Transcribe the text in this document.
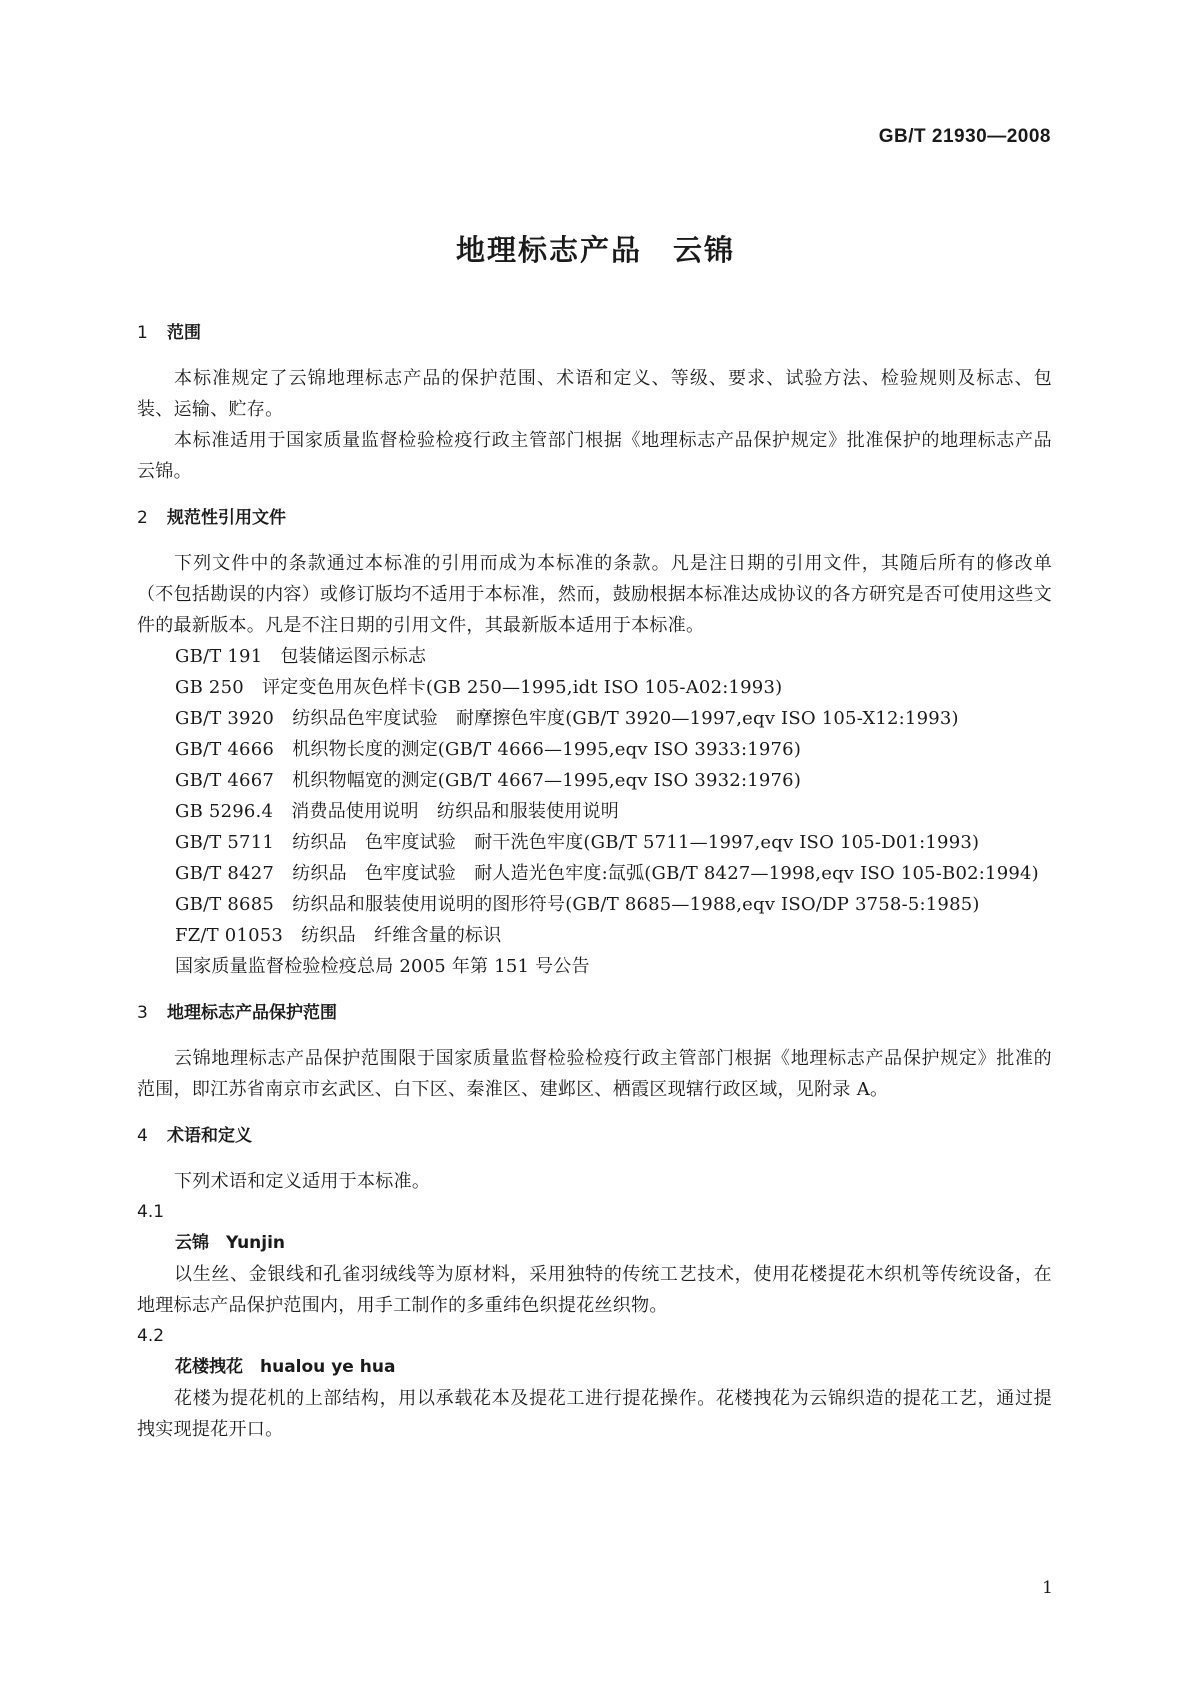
GB/T 21930—2008
地理标志产品　云锦
1 范围

本标准规定了云锦地理标志产品的保护范围、术语和定义、等级、要求、试验方法、检验规则及标志、包装、运输、贮存。

本标准适用于国家质量监督检验检疫行政主管部门根据《地理标志产品保护规定》批准保护的地理标志产品云锦。

2 规范性引用文件

下列文件中的条款通过本标准的引用而成为本标准的条款。凡是注日期的引用文件，其随后所有的修改单（不包括勘误的内容）或修订版均不适用于本标准，然而，鼓励根据本标准达成协议的各方研究是否可使用这些文件的最新版本。凡是不注日期的引用文件，其最新版本适用于本标准。

GB/T 191　包装储运图示标志

GB 250　评定变色用灰色样卡(GB 250—1995,idt ISO 105-A02:1993)

GB/T 3920　纺织品色牢度试验　耐摩擦色牢度(GB/T 3920—1997,eqv ISO 105-X12:1993)

GB/T 4666　机织物长度的测定(GB/T 4666—1995,eqv ISO 3933:1976)

GB/T 4667　机织物幅宽的测定(GB/T 4667—1995,eqv ISO 3932:1976)

GB 5296.4　消费品使用说明　纺织品和服装使用说明

GB/T 5711　纺织品　色牢度试验　耐干洗色牢度(GB/T 5711—1997,eqv ISO 105-D01:1993)

GB/T 8427　纺织品　色牢度试验　耐人造光色牢度:氙弧(GB/T 8427—1998,eqv ISO 105-B02:1994)

GB/T 8685　纺织品和服装使用说明的图形符号(GB/T 8685—1988,eqv ISO/DP 3758-5:1985)

FZ/T 01053　纺织品　纤维含量的标识

国家质量监督检验检疫总局 2005 年第 151 号公告

3 地理标志产品保护范围

云锦地理标志产品保护范围限于国家质量监督检验检疫行政主管部门根据《地理标志产品保护规定》批准的范围，即江苏省南京市玄武区、白下区、秦淮区、建邺区、栖霞区现辖行政区域，见附录 A。

4 术语和定义

下列术语和定义适用于本标准。

4.1

云锦　Yunjin

以生丝、金银线和孔雀羽绒线等为原材料，采用独特的传统工艺技术，使用花楼提花木织机等传统设备，在地理标志产品保护范围内，用手工制作的多重纬色织提花丝织物。

4.2

花楼拽花　hualou ye hua

花楼为提花机的上部结构，用以承载花本及提花工进行提花操作。花楼拽花为云锦织造的提花工艺，通过提拽实现提花开口。

1
